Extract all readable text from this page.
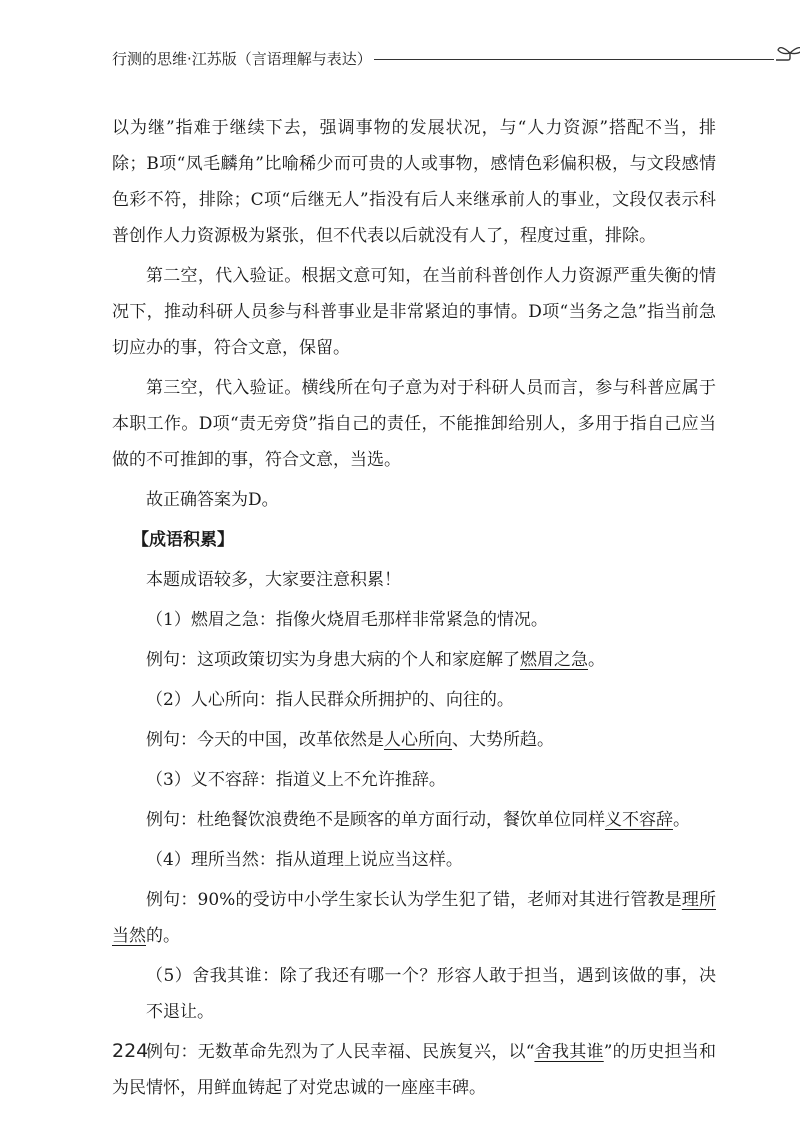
行测的思维·江苏版（言语理解与表达）

以为继”指难于继续下去，强调事物的发展状况，与“人力资源”搭配不当，排除；B项“凤毛麟角”比喻稀少而可贵的人或事物，感情色彩偏积极，与文段感情色彩不符，排除；C项“后继无人”指没有后人来继承前人的事业，文段仅表示科普创作人力资源极为紧张，但不代表以后就没有人了，程度过重，排除。

第二空，代入验证。根据文意可知，在当前科普创作人力资源严重失衡的情况下，推动科研人员参与科普事业是非常紧迫的事情。D项“当务之急”指当前急切应办的事，符合文意，保留。

第三空，代入验证。横线所在句子意为对于科研人员而言，参与科普应属于本职工作。D项“责无旁贷”指自己的责任，不能推卸给别人，多用于指自己应当做的不可推卸的事，符合文意，当选。

故正确答案为D。

【成语积累】

本题成语较多，大家要注意积累！

（1）燃眉之急：指像火烧眉毛那样非常紧急的情况。

例句：这项政策切实为身患大病的个人和家庭解了燃眉之急。

（2）人心所向：指人民群众所拥护的、向往的。

例句：今天的中国，改革依然是人心所向、大势所趋。

（3）义不容辞：指道义上不允许推辞。

例句：杜绝餐饮浪费绝不是顾客的单方面行动，餐饮单位同样义不容辞。

（4）理所当然：指从道理上说应当这样。

例句：90%的受访中小学生家长认为学生犯了错，老师对其进行管教是理所当然的。

（5）舍我其谁：除了我还有哪一个？形容人敢于担当，遇到该做的事，决不退让。

例句：无数革命先烈为了人民幸福、民族复兴，以“舍我其谁”的历史担当和为民情怀，用鲜血铸起了对党忠诚的一座座丰碑。

224
